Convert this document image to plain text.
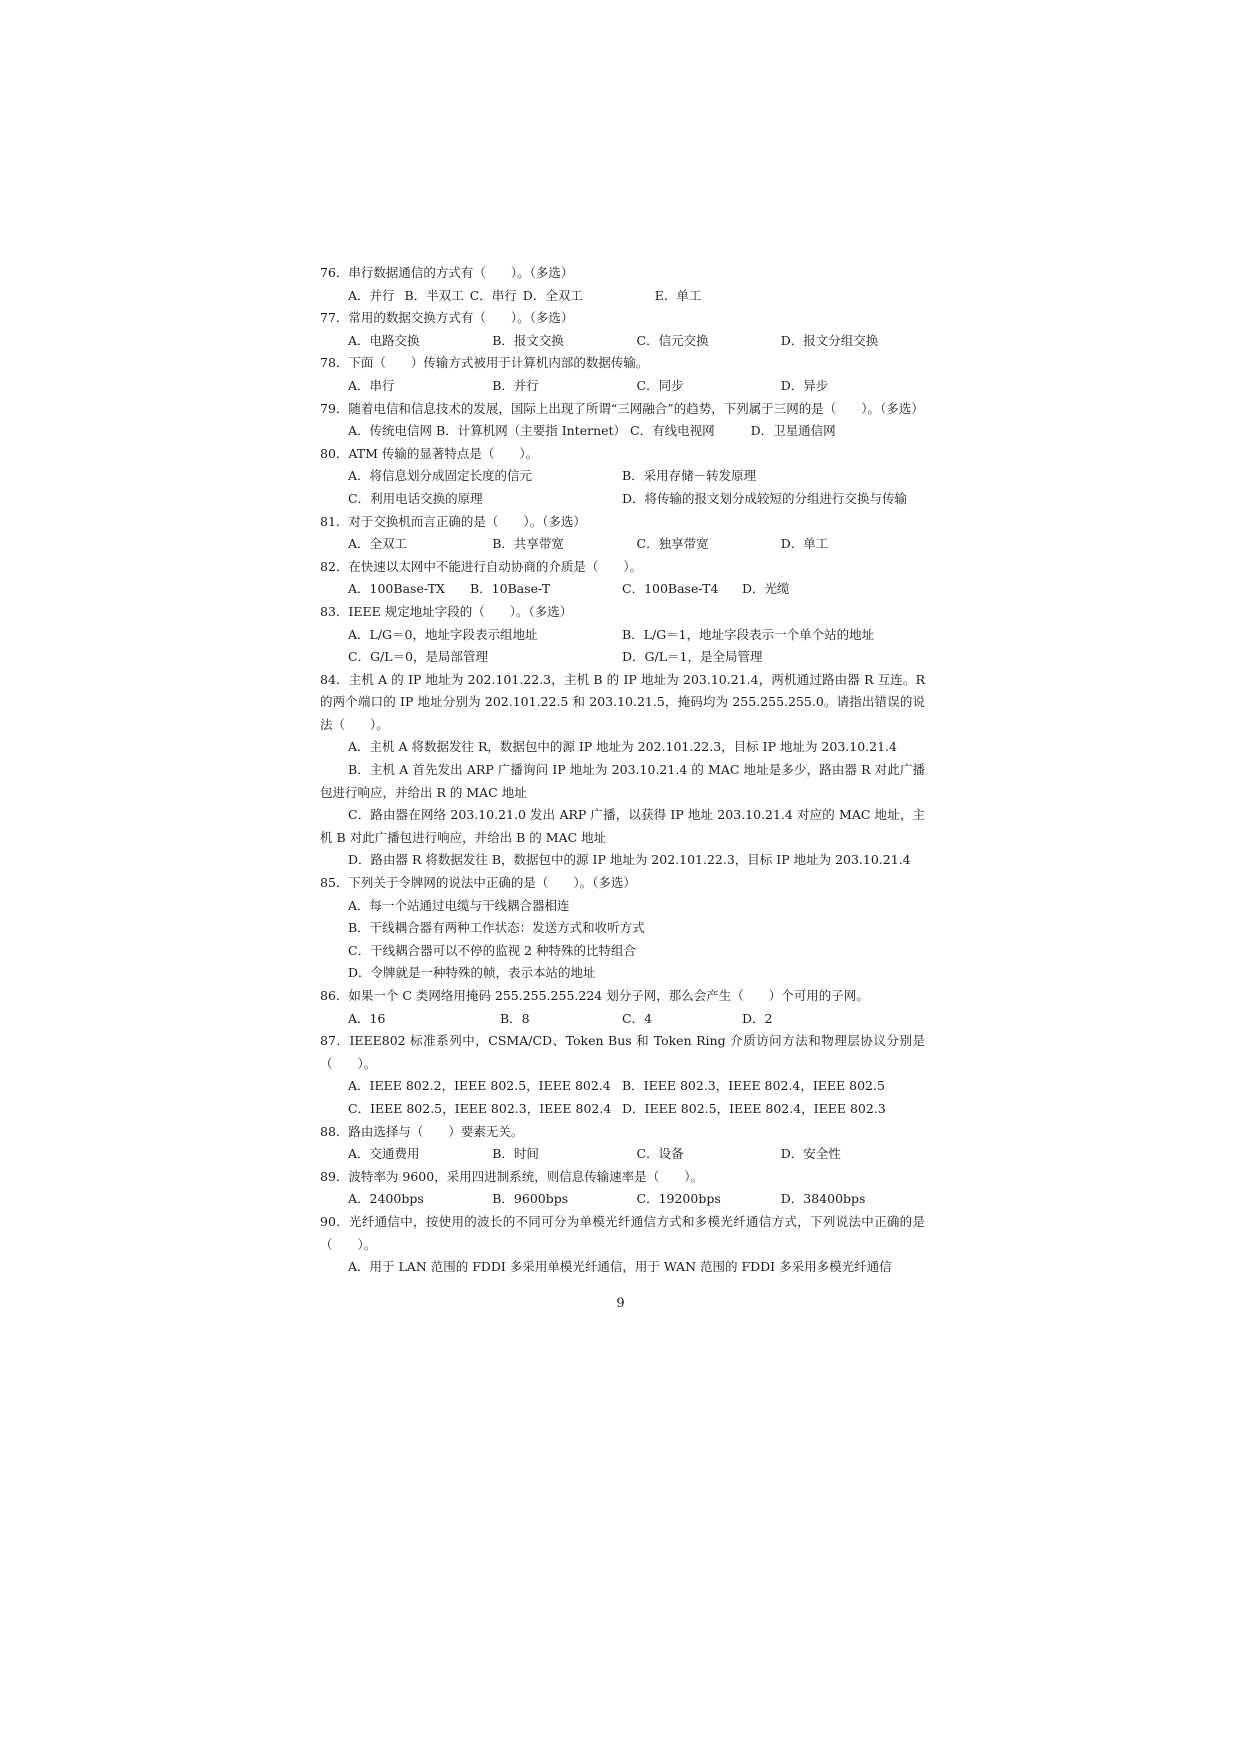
76．串行数据通信的方式有（　　）。（多选）

A．并行 B．半双工 C．串行 D．全双工	E．单工

77．常用的数据交换方式有（　　）。（多选）

A．电路交换	B．报文交换	C．信元交换	D．报文分组交换

78．下面（　　）传输方式被用于计算机内部的数据传输。

A．串行	B．并行	C．同步	D．异步

79．随着电信和信息技术的发展，国际上出现了所谓“三网融合”的趋势，下列属于三网的是（　　）。（多选）

A．传统电信网 B．计算机网（主要指 Internet） C．有线电视网	D．卫星通信网

80．ATM 传输的显著特点是（　　）。

A．将信息划分成固定长度的信元	B．采用存储－转发原理
C．利用电话交换的原理	D．将传输的报文划分成较短的分组进行交换与传输

81．对于交换机而言正确的是（　　）。（多选）

A．全双工	B．共享带宽	C．独享带宽	D．单工

82．在快速以太网中不能进行自动协商的介质是（　　）。

A．100Base-TX B．10Base-T	C．100Base-T4 D．光缆

83．IEEE 规定地址字段的（　　）。（多选）

A．L/G＝0，地址字段表示组地址	B．L/G＝1，地址字段表示一个单个站的地址
C．G/L＝0，是局部管理	D．G/L＝1，是全局管理

84．主机 A 的 IP 地址为 202.101.22.3，主机 B 的 IP 地址为 203.10.21.4，两机通过路由器 R 互连。R 的两个端口的 IP 地址分别为 202.101.22.5 和 203.10.21.5，掩码均为 255.255.255.0。请指出错误的说法（　　）。

A．主机 A 将数据发往 R，数据包中的源 IP 地址为 202.101.22.3，目标 IP 地址为 203.10.21.4

B．主机 A 首先发出 ARP 广播询问 IP 地址为 203.10.21.4 的 MAC 地址是多少，路由器 R 对此广播包进行响应，并给出 R 的 MAC 地址

C．路由器在网络 203.10.21.0 发出 ARP 广播，以获得 IP 地址 203.10.21.4 对应的 MAC 地址，主机 B 对此广播包进行响应，并给出 B 的 MAC 地址

D．路由器 R 将数据发往 B，数据包中的源 IP 地址为 202.101.22.3，目标 IP 地址为 203.10.21.4

85．下列关于令牌网的说法中正确的是（　　）。（多选）

A．每一个站通过电缆与干线耦合器相连
B．干线耦合器有两种工作状态：发送方式和收听方式
C．干线耦合器可以不停的监视 2 种特殊的比特组合
D．令牌就是一种特殊的帧，表示本站的地址

86．如果一个 C 类网络用掩码 255.255.255.224 划分子网，那么会产生（　　）个可用的子网。

A．16	B．8	C．4	D．2

87．IEEE802 标准系列中，CSMA/CD、Token Bus 和 Token Ring 介质访问方法和物理层协议分别是（　　）。

A．IEEE 802.2，IEEE 802.5，IEEE 802.4 B．IEEE 802.3，IEEE 802.4，IEEE 802.5
C．IEEE 802.5，IEEE 802.3，IEEE 802.4 D．IEEE 802.5，IEEE 802.4，IEEE 802.3

88．路由选择与（　　）要素无关。

A．交通费用	B．时间	C．设备	D．安全性

89．波特率为 9600，采用四进制系统，则信息传输速率是（　　）。

A．2400bps	B．9600bps	C．19200bps	D．38400bps

90．光纤通信中，按使用的波长的不同可分为单模光纤通信方式和多模光纤通信方式，下列说法中正确的是（　　）。

A．用于 LAN 范围的 FDDI 多采用单模光纤通信，用于 WAN 范围的 FDDI 多采用多模光纤通信

9
